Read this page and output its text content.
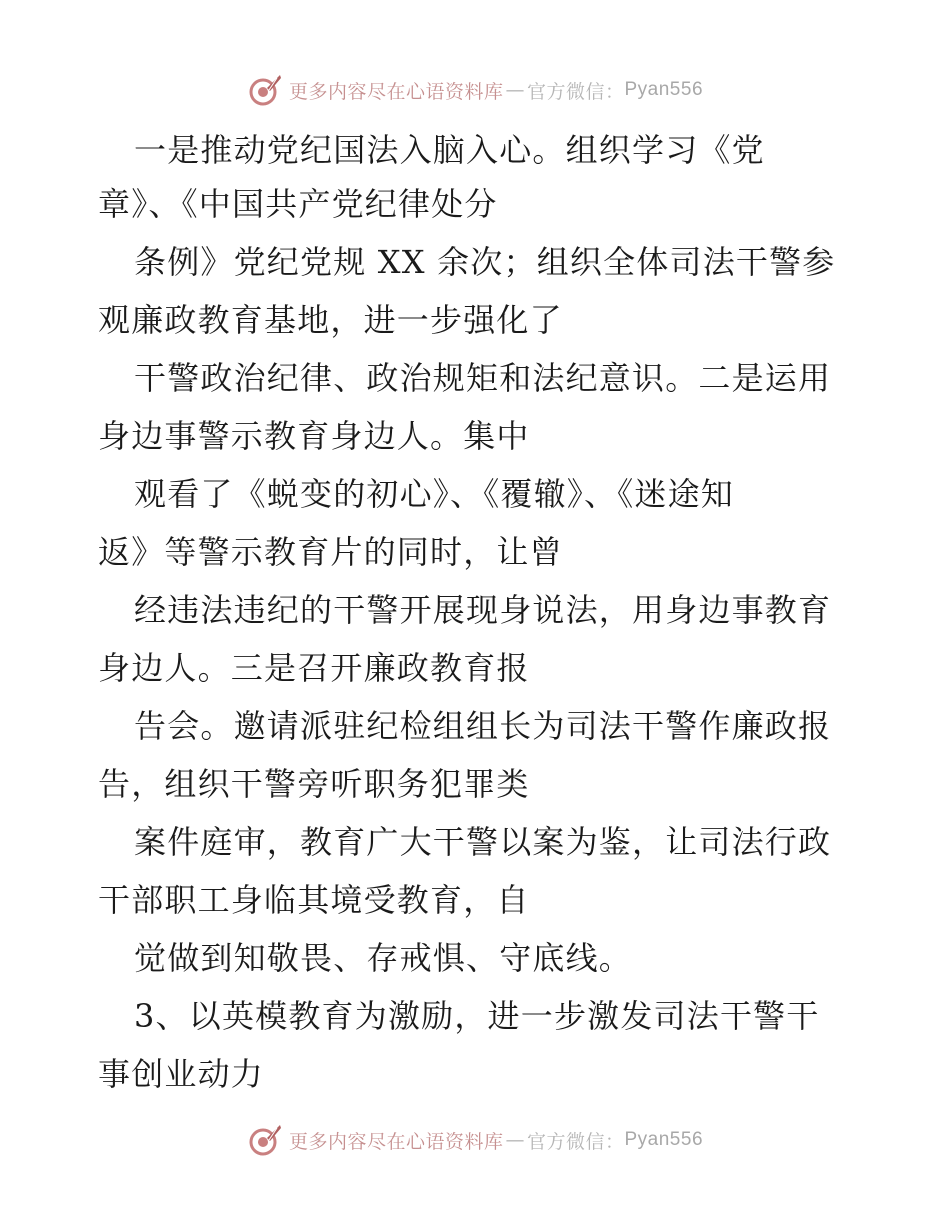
更多内容尽在心语资料库 — 官方微信： Pyan556
一是推动党纪国法入脑入心。组织学习《党
章》、《中国共产党纪律处分
条例》党纪党规 XX 余次；组织全体司法干警参
观廉政教育基地，进一步强化了
干警政治纪律、政治规矩和法纪意识。二是运用
身边事警示教育身边人。集中
观看了《蜕变的初心》、《覆辙》、《迷途知
返》等警示教育片的同时，让曾
经违法违纪的干警开展现身说法，用身边事教育
身边人。三是召开廉政教育报
告会。邀请派驻纪检组组长为司法干警作廉政报
告，组织干警旁听职务犯罪类
案件庭审，教育广大干警以案为鉴，让司法行政
干部职工身临其境受教育，自
觉做到知敬畏、存戒惧、守底线。
3、以英模教育为激励，进一步激发司法干警干
事创业动力
更多内容尽在心语资料库 — 官方微信： Pyan556
